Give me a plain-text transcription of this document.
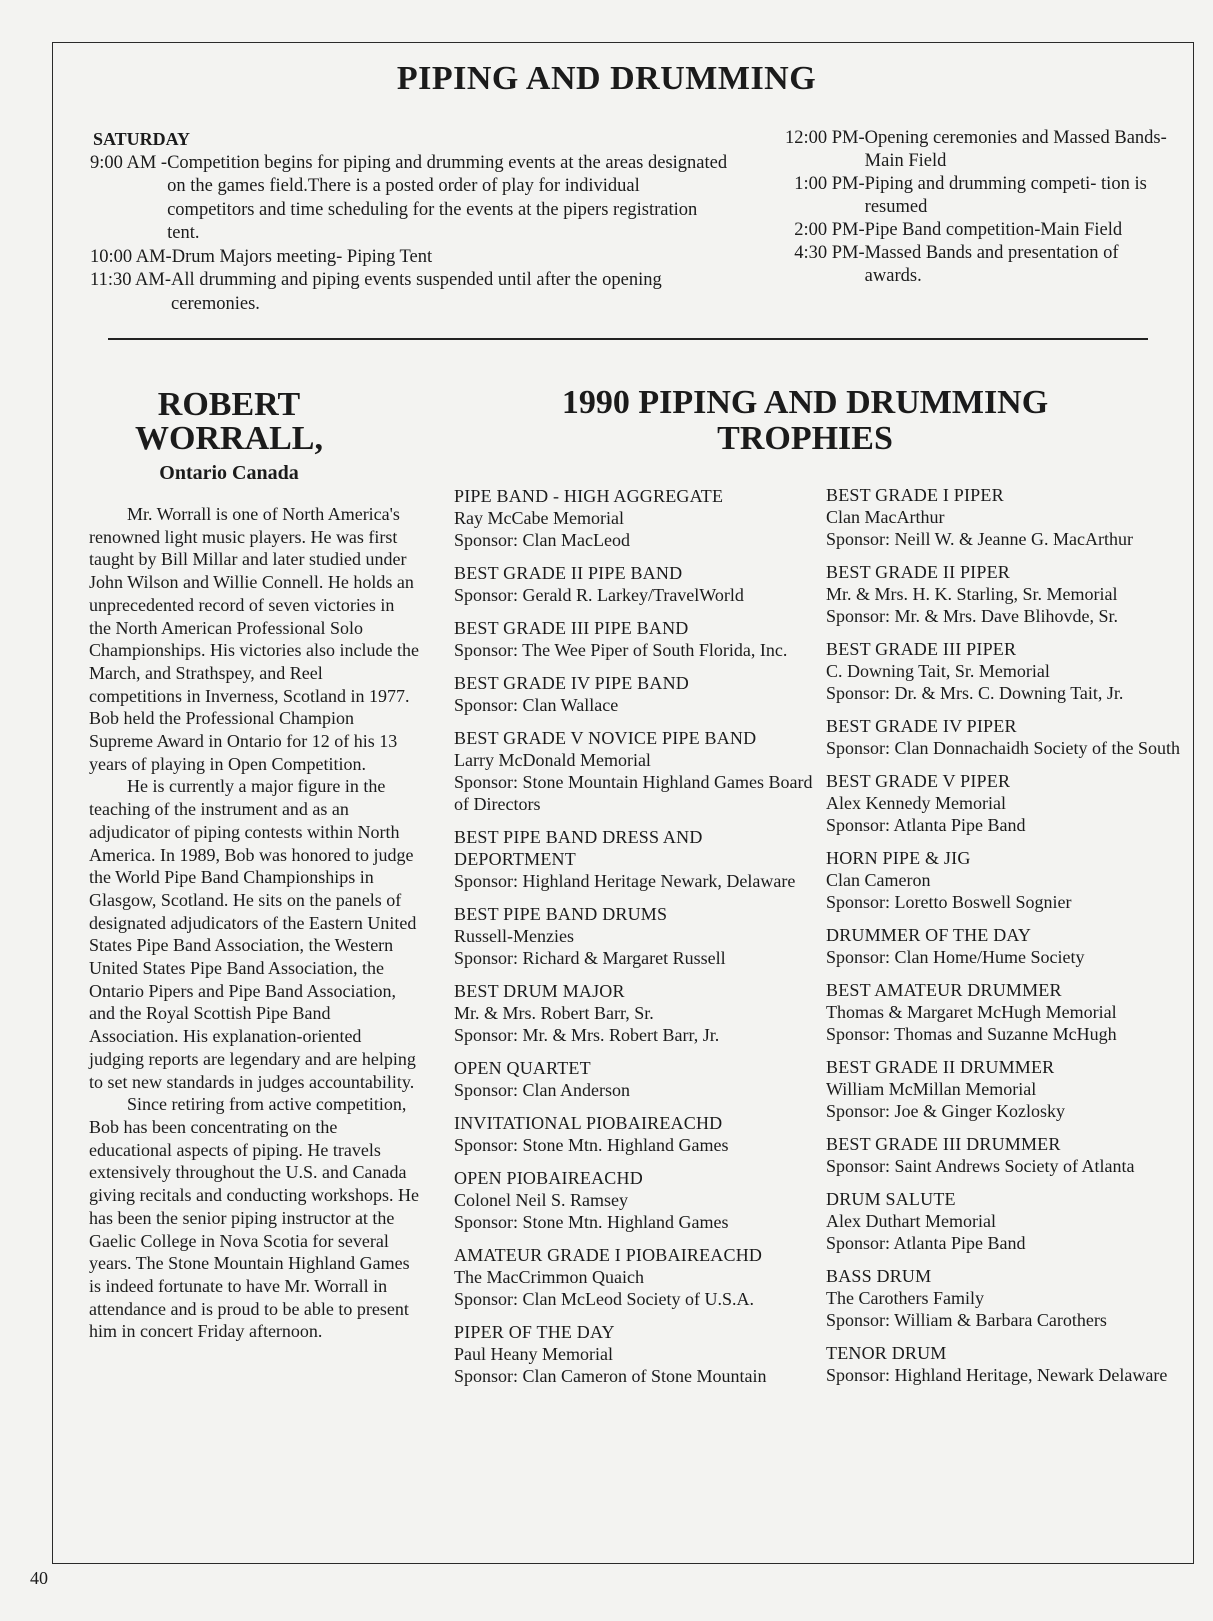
PIPING AND DRUMMING
SATURDAY
9:00 AM - Competition begins for piping and drumming events at the areas designated on the games field.There is a posted order of play for individual competitors and time scheduling for the events at the pipers registration tent.
10:00 AM- Drum Majors meeting- Piping Tent
11:30 AM- All drumming and piping events suspended until after the opening ceremonies.
12:00 PM- Opening ceremonies and Massed Bands-Main Field
1:00 PM- Piping and drumming competi- tion is resumed
2:00 PM- Pipe Band competition-Main Field
4:30 PM- Massed Bands and presentation of awards.
ROBERT
WORRALL,
Ontario Canada

Mr. Worrall is one of North America's renowned light music players. He was first taught by Bill Millar and later studied under John Wilson and Willie Connell. He holds an unprecedented record of seven victories in the North American Professional Solo Championships. His victories also include the March, and Strathspey, and Reel competitions in Inverness, Scotland in 1977. Bob held the Professional Champion Supreme Award in Ontario for 12 of his 13 years of playing in Open Competition.

He is currently a major figure in the teaching of the instrument and as an adjudicator of piping contests within North America. In 1989, Bob was honored to judge the World Pipe Band Championships in Glasgow, Scotland. He sits on the panels of designated adjudicators of the Eastern United States Pipe Band Association, the Western United States Pipe Band Association, the Ontario Pipers and Pipe Band Association, and the Royal Scottish Pipe Band Association. His explanation-oriented judging reports are legendary and are helping to set new standards in judges accountability.

Since retiring from active competition, Bob has been concentrating on the educational aspects of piping. He travels extensively throughout the U.S. and Canada giving recitals and conducting workshops. He has been the senior piping instructor at the Gaelic College in Nova Scotia for several years. The Stone Mountain Highland Games is indeed fortunate to have Mr. Worrall in attendance and is proud to be able to present him in concert Friday afternoon.

1990 PIPING AND DRUMMING
TROPHIES
PIPE BAND - HIGH AGGREGATE
Ray McCabe Memorial
Sponsor: Clan MacLeod
BEST GRADE II PIPE BAND
Sponsor: Gerald R. Larkey/TravelWorld
BEST GRADE III PIPE BAND
Sponsor: The Wee Piper of South Florida, Inc.
BEST GRADE IV PIPE BAND
Sponsor: Clan Wallace
BEST GRADE V NOVICE PIPE BAND
Larry McDonald Memorial
Sponsor: Stone Mountain Highland Games Board of Directors
BEST PIPE BAND DRESS AND DEPORTMENT
Sponsor: Highland Heritage Newark, Delaware
BEST PIPE BAND DRUMS
Russell-Menzies
Sponsor: Richard & Margaret Russell
BEST DRUM MAJOR
Mr. & Mrs. Robert Barr, Sr.
Sponsor: Mr. & Mrs. Robert Barr, Jr.
OPEN QUARTET
Sponsor: Clan Anderson
INVITATIONAL PIOBAIREACHD
Sponsor: Stone Mtn. Highland Games
OPEN PIOBAIREACHD
Colonel Neil S. Ramsey
Sponsor: Stone Mtn. Highland Games
AMATEUR GRADE I PIOBAIREACHD
The MacCrimmon Quaich
Sponsor: Clan McLeod Society of U.S.A.
PIPER OF THE DAY
Paul Heany Memorial
Sponsor: Clan Cameron of Stone Mountain
BEST GRADE I PIPER
Clan MacArthur
Sponsor: Neill W. & Jeanne G. MacArthur
BEST GRADE II PIPER
Mr. & Mrs. H. K. Starling, Sr. Memorial
Sponsor: Mr. & Mrs. Dave Blihovde, Sr.
BEST GRADE III PIPER
C. Downing Tait, Sr. Memorial
Sponsor: Dr. & Mrs. C. Downing Tait, Jr.
BEST GRADE IV PIPER
Sponsor: Clan Donnachaidh Society of the South
BEST GRADE V PIPER
Alex Kennedy Memorial
Sponsor: Atlanta Pipe Band
HORN PIPE & JIG
Clan Cameron
Sponsor: Loretto Boswell Sognier
DRUMMER OF THE DAY
Sponsor: Clan Home/Hume Society
BEST AMATEUR DRUMMER
Thomas & Margaret McHugh Memorial
Sponsor: Thomas and Suzanne McHugh
BEST GRADE II DRUMMER
William McMillan Memorial
Sponsor: Joe & Ginger Kozlosky
BEST GRADE III DRUMMER
Sponsor: Saint Andrews Society of Atlanta
DRUM SALUTE
Alex Duthart Memorial
Sponsor: Atlanta Pipe Band
BASS DRUM
The Carothers Family
Sponsor: William & Barbara Carothers
TENOR DRUM
Sponsor: Highland Heritage, Newark Delaware
40
